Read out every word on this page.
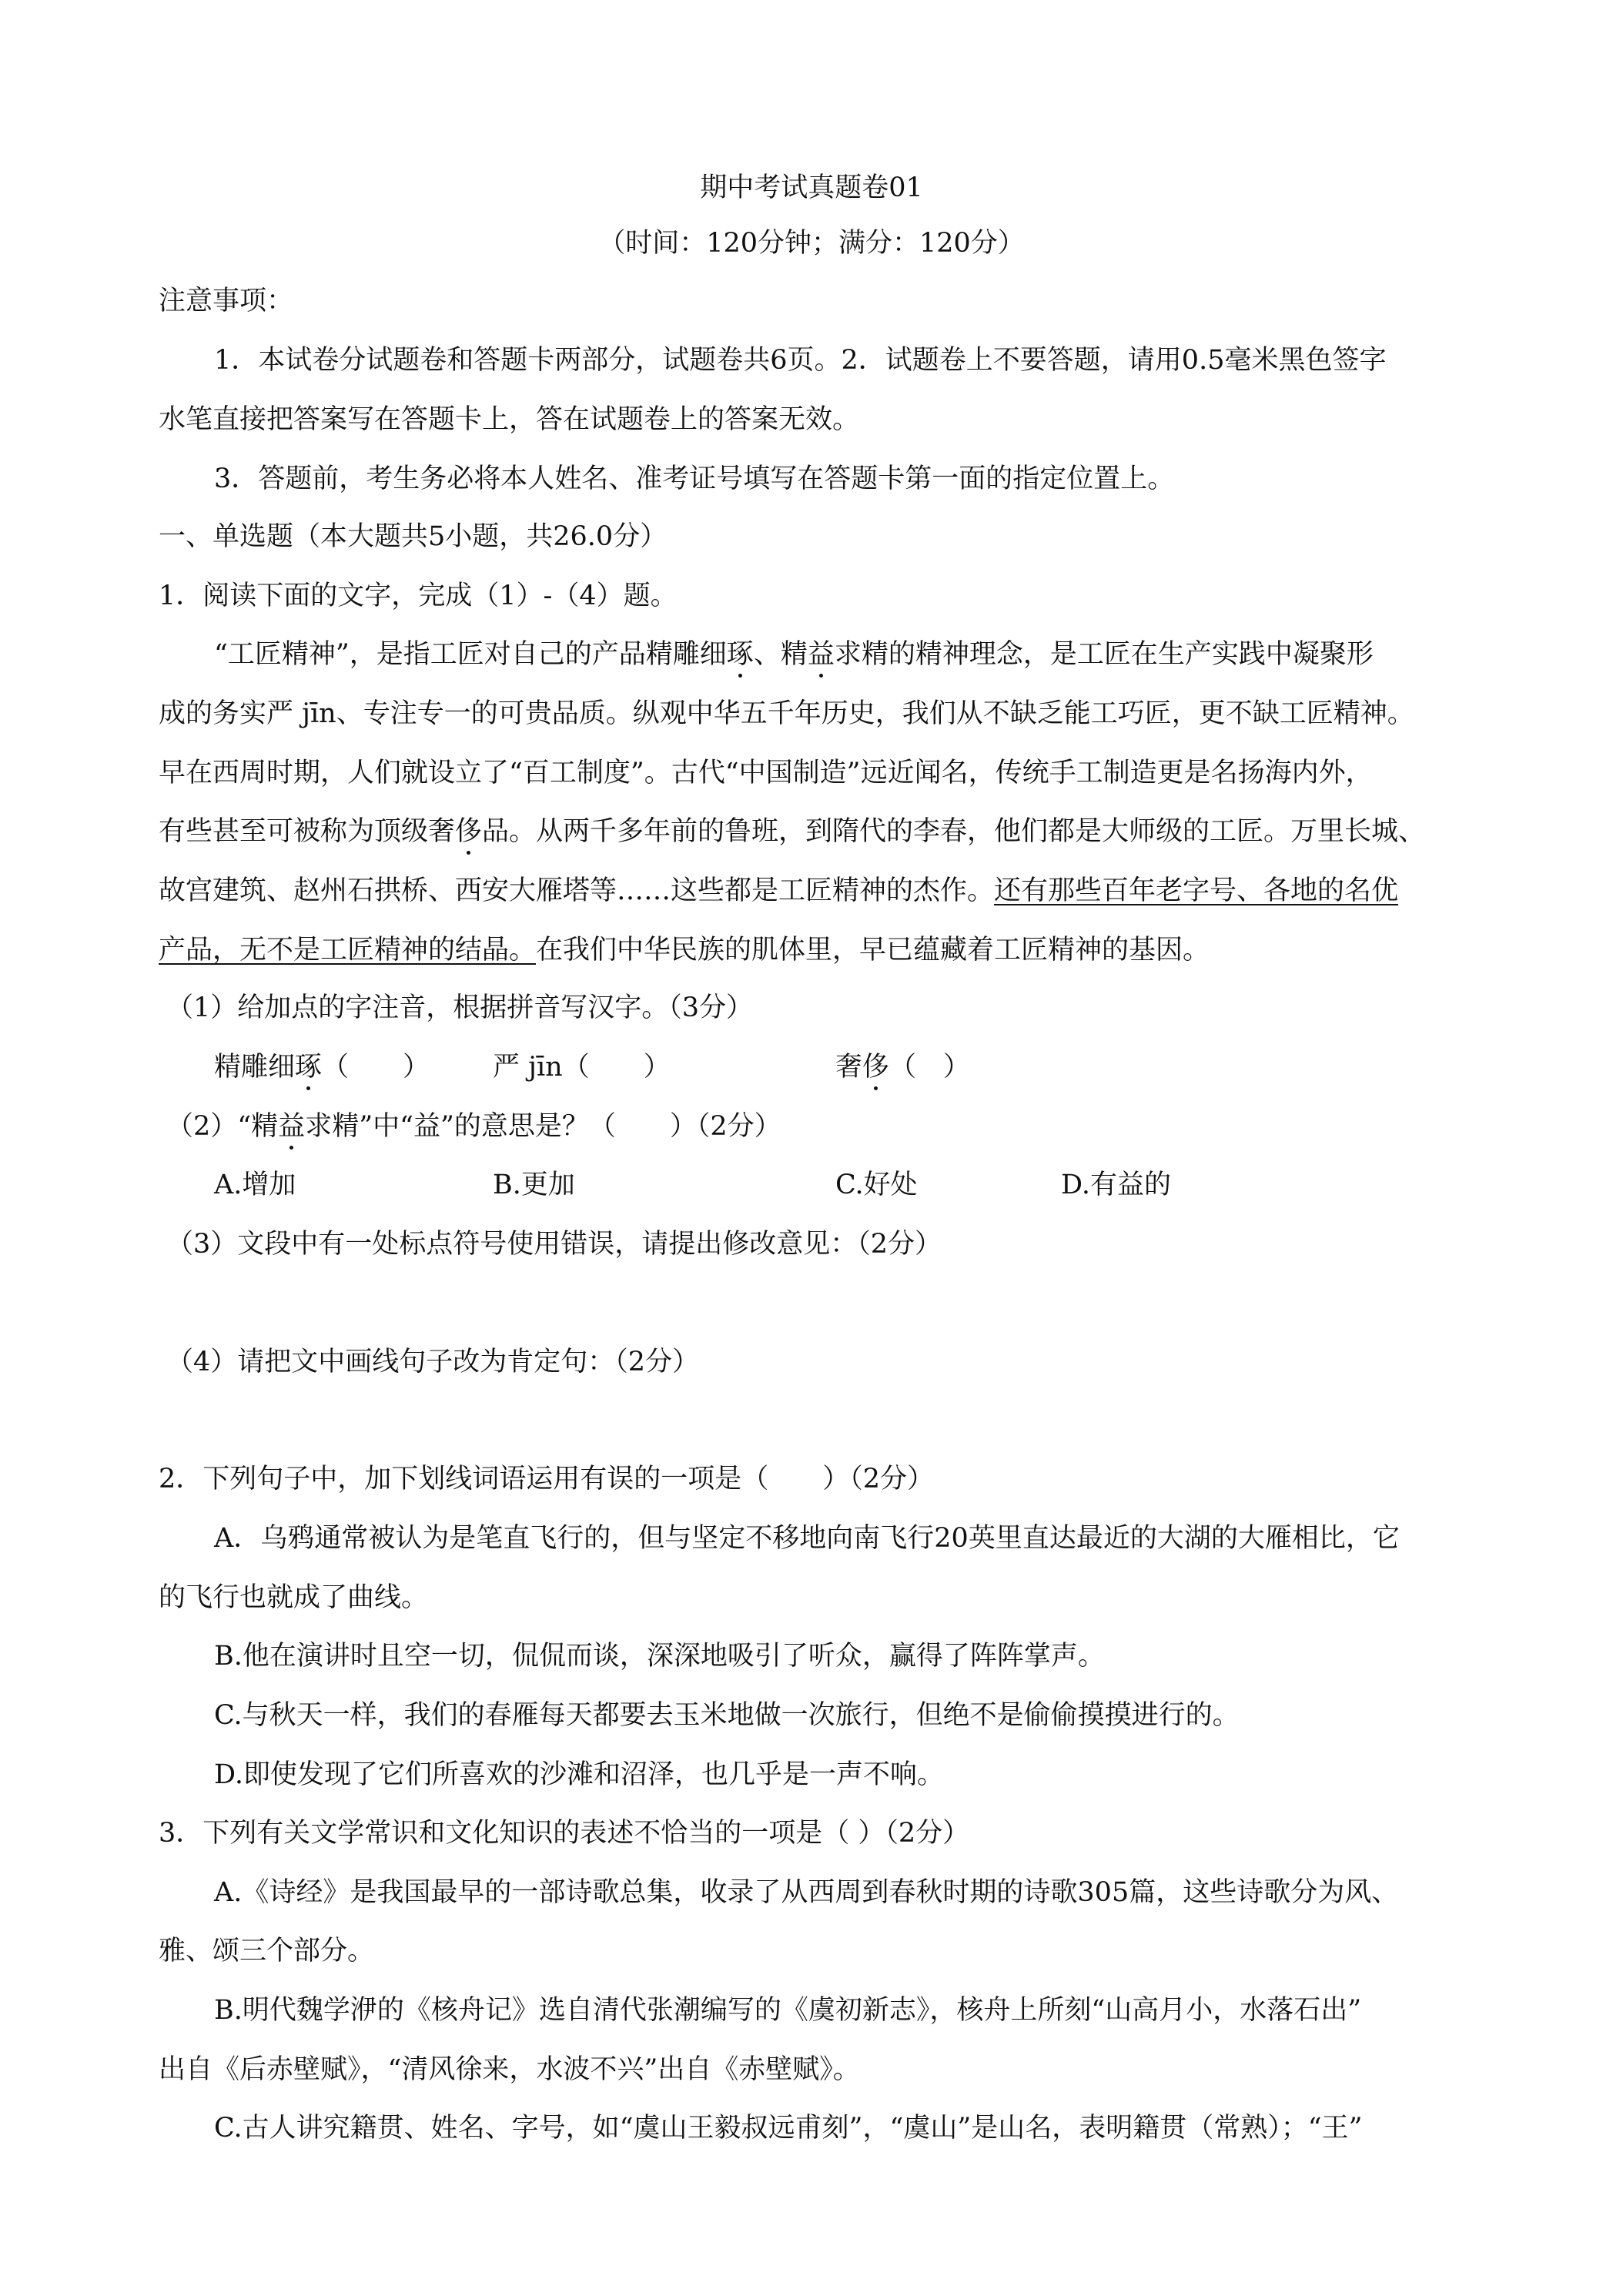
期中考试真题卷01
（时间：120分钟；满分：120分）
注意事项：
1．本试卷分试题卷和答题卡两部分，试题卷共6页。2．试题卷上不要答题，请用0.5毫米黑色签字
水笔直接把答案写在答题卡上，答在试题卷上的答案无效。
3．答题前，考生务必将本人姓名、准考证号填写在答题卡第一面的指定位置上。
一、单选题（本大题共5小题，共26.0分）
1．阅读下面的文字，完成（1）-（4）题。
“工匠精神”，是指工匠对自己的产品精雕细琢、精益求精的精神理念，是工匠在生产实践中凝聚形
成的务实严 jīn、专注专一的可贵品质。纵观中华五千年历史，我们从不缺乏能工巧匠，更不缺工匠精神。
早在西周时期，人们就设立了“百工制度”。古代“中国制造”远近闻名，传统手工制造更是名扬海内外，
有些甚至可被称为顶级奢侈品。从两千多年前的鲁班，到隋代的李春，他们都是大师级的工匠。万里长城、
故宫建筑、赵州石拱桥、西安大雁塔等……这些都是工匠精神的杰作。还有那些百年老字号、各地的名优
产品，无不是工匠精神的结晶。在我们中华民族的肌体里，早已蕴藏着工匠精神的基因。
（1）给加点的字注音，根据拼音写汉字。（3分）
精雕细琢（　　） 严 jīn（　　）	奢侈（　）
（2）“精益求精”中“益”的意思是？（　　）（2分）
A.增加	B.更加	C.好处	D.有益的
（3）文段中有一处标点符号使用错误，请提出修改意见：（2分）
（4）请把文中画线句子改为肯定句：（2分）
2．下列句子中，加下划线词语运用有误的一项是（　　）（2分）
A．乌鸦通常被认为是笔直飞行的，但与坚定不移地向南飞行20英里直达最近的大湖的大雁相比，它
的飞行也就成了曲线。
B.他在演讲时且空一切，侃侃而谈，深深地吸引了听众，赢得了阵阵掌声。
C.与秋天一样，我们的春雁每天都要去玉米地做一次旅行，但绝不是偷偷摸摸进行的。
D.即使发现了它们所喜欢的沙滩和沼泽，也几乎是一声不响。
3．下列有关文学常识和文化知识的表述不恰当的一项是（ ）（2分）
A.《诗经》是我国最早的一部诗歌总集，收录了从西周到春秋时期的诗歌305篇，这些诗歌分为风、
雅、颂三个部分。
B.明代魏学洢的《核舟记》选自清代张潮编写的《虞初新志》，核舟上所刻“山高月小，水落石出”
出自《后赤壁赋》，“清风徐来，水波不兴”出自《赤壁赋》。
C.古人讲究籍贯、姓名、字号，如“虞山王毅叔远甫刻”，“虞山”是山名，表明籍贯（常熟）；“王”
